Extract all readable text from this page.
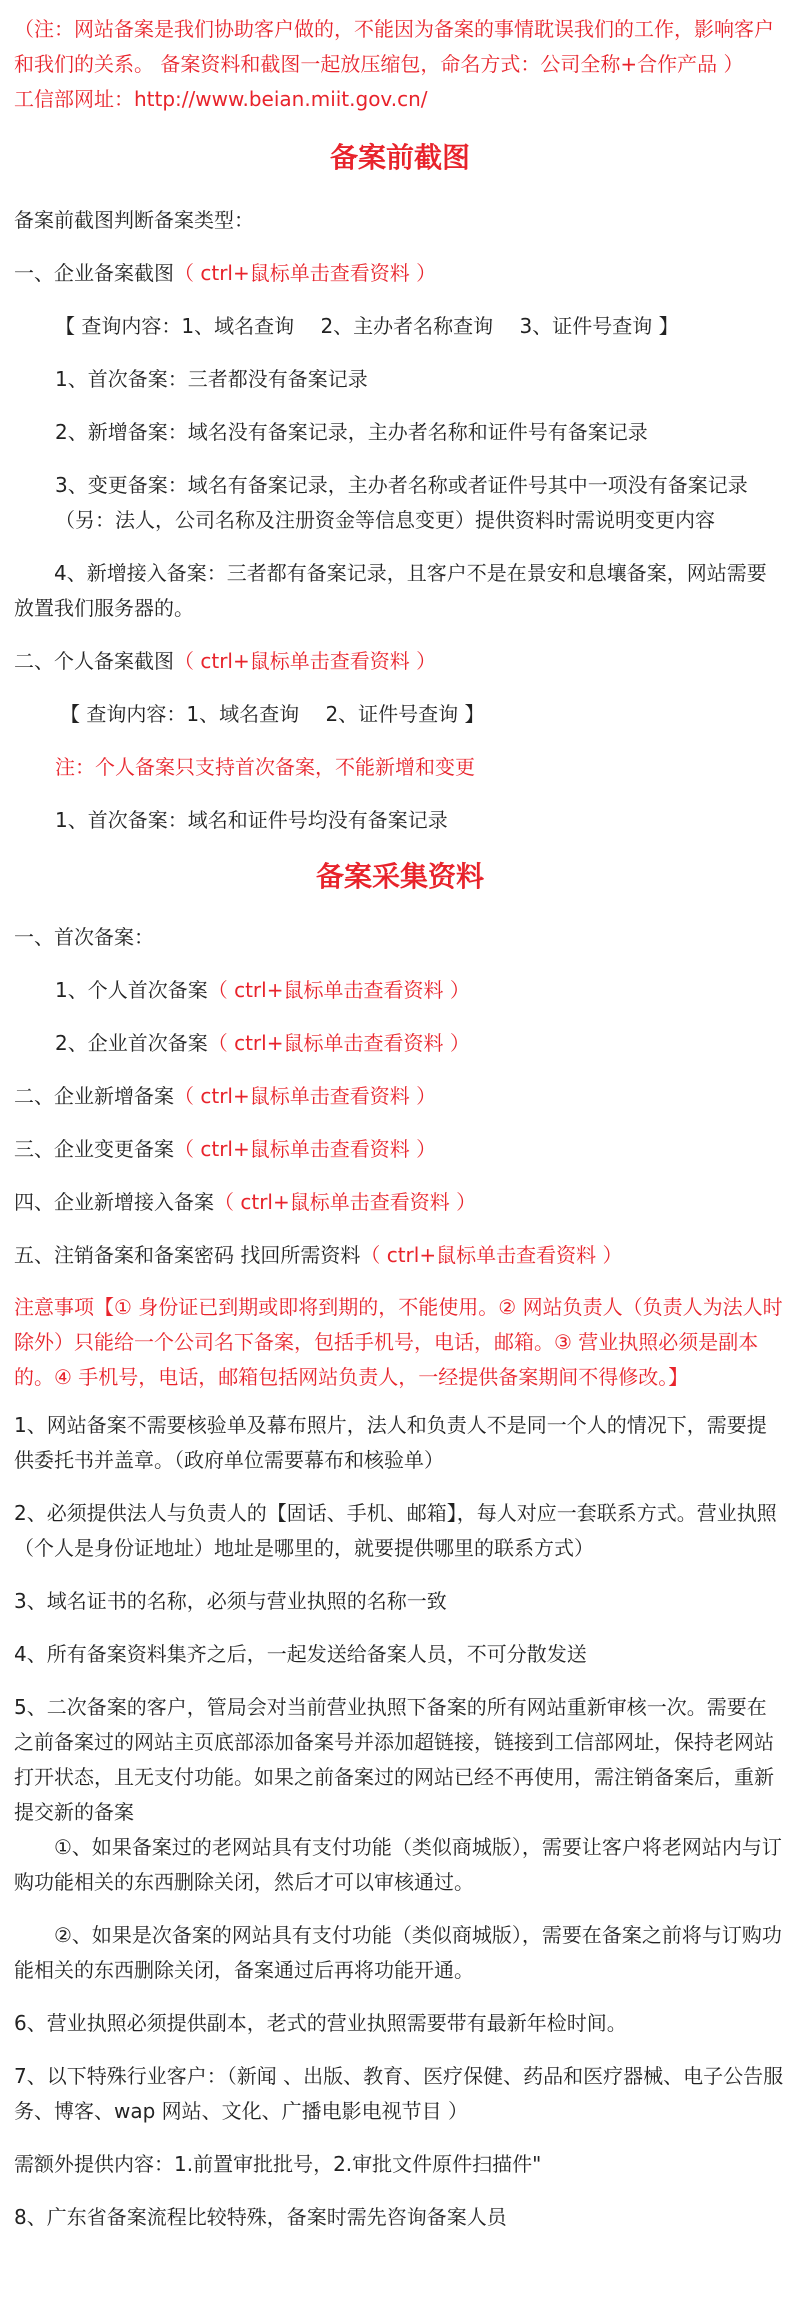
（注：网站备案是我们协助客户做的，不能因为备案的事情耽误我们的工作，影响客户和我们的关系。 备案资料和截图一起放压缩包，命名方式：公司全称+合作产品 ）

工信部网址：http://www.beian.miit.gov.cn/

备案前截图

备案前截图判断备案类型：

一、企业备案截图（ ctrl+鼠标单击查看资料 ）

【 查询内容：1、域名查询　 2、主办者名称查询　 3、证件号查询 】

1、首次备案：三者都没有备案记录

2、新增备案：域名没有备案记录，主办者名称和证件号有备案记录

3、变更备案：域名有备案记录，主办者名称或者证件号其中一项没有备案记录（另：法人，公司名称及注册资金等信息变更）提供资料时需说明变更内容

4、新增接入备案：三者都有备案记录，且客户不是在景安和息壤备案，网站需要放置我们服务器的。

二、个人备案截图（ ctrl+鼠标单击查看资料 ）

【 查询内容：1、域名查询　 2、证件号查询 】

注：个人备案只支持首次备案，不能新增和变更

1、首次备案：域名和证件号均没有备案记录

备案采集资料

一、首次备案：

1、个人首次备案（ ctrl+鼠标单击查看资料 ）

2、企业首次备案（ ctrl+鼠标单击查看资料 ）

二、企业新增备案（ ctrl+鼠标单击查看资料 ）

三、企业变更备案（ ctrl+鼠标单击查看资料 ）

四、企业新增接入备案（ ctrl+鼠标单击查看资料 ）

五、注销备案和备案密码 找回所需资料（ ctrl+鼠标单击查看资料 ）

注意事项【① 身份证已到期或即将到期的，不能使用。② 网站负责人（负责人为法人时除外）只能给一个公司名下备案，包括手机号，电话，邮箱。③ 营业执照必须是副本的。④ 手机号，电话，邮箱包括网站负责人，一经提供备案期间不得修改。】

1、网站备案不需要核验单及幕布照片，法人和负责人不是同一个人的情况下，需要提供委托书并盖章。（政府单位需要幕布和核验单）

2、必须提供法人与负责人的【固话、手机、邮箱】，每人对应一套联系方式。营业执照（个人是身份证地址）地址是哪里的，就要提供哪里的联系方式）

3、域名证书的名称，必须与营业执照的名称一致

4、所有备案资料集齐之后，一起发送给备案人员，不可分散发送

5、二次备案的客户，管局会对当前营业执照下备案的所有网站重新审核一次。需要在之前备案过的网站主页底部添加备案号并添加超链接，链接到工信部网址，保持老网站打开状态，且无支付功能。如果之前备案过的网站已经不再使用，需注销备案后，重新提交新的备案

①、如果备案过的老网站具有支付功能（类似商城版），需要让客户将老网站内与订购功能相关的东西删除关闭，然后才可以审核通过。

②、如果是次备案的网站具有支付功能（类似商城版），需要在备案之前将与订购功能相关的东西删除关闭，备案通过后再将功能开通。

6、营业执照必须提供副本，老式的营业执照需要带有最新年检时间。

7、以下特殊行业客户：（新闻 、出版、教育、医疗保健、药品和医疗器械、电子公告服务、博客、wap 网站、文化、广播电影电视节目 ）

需额外提供内容：1.前置审批批号，2.审批文件原件扫描件"

8、广东省备案流程比较特殊，备案时需先咨询备案人员
